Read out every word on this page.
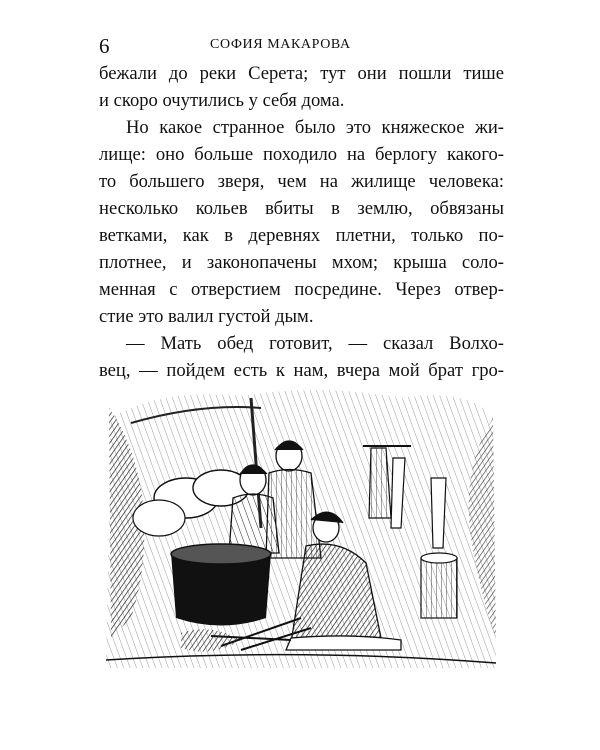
6	СОФИЯ МАКАРОВА
бежали до реки Серета; тут они пошли тише
и скоро очутились у себя дома.
Но какое странное было это княжеское жи-
лище: оно больше походило на берлогу какого-
то большего зверя, чем на жилище человека:
несколько кольев вбиты в землю, обвязаны
ветками, как в деревнях плетни, только по-
плотнее, и законопачены мхом; крыша соло-
менная с отверстием посредине. Через отвер-
стие это валил густой дым.
— Мать обед готовит, — сказал Волхо-
вец, — пойдем есть к нам, вчера мой брат гро-
